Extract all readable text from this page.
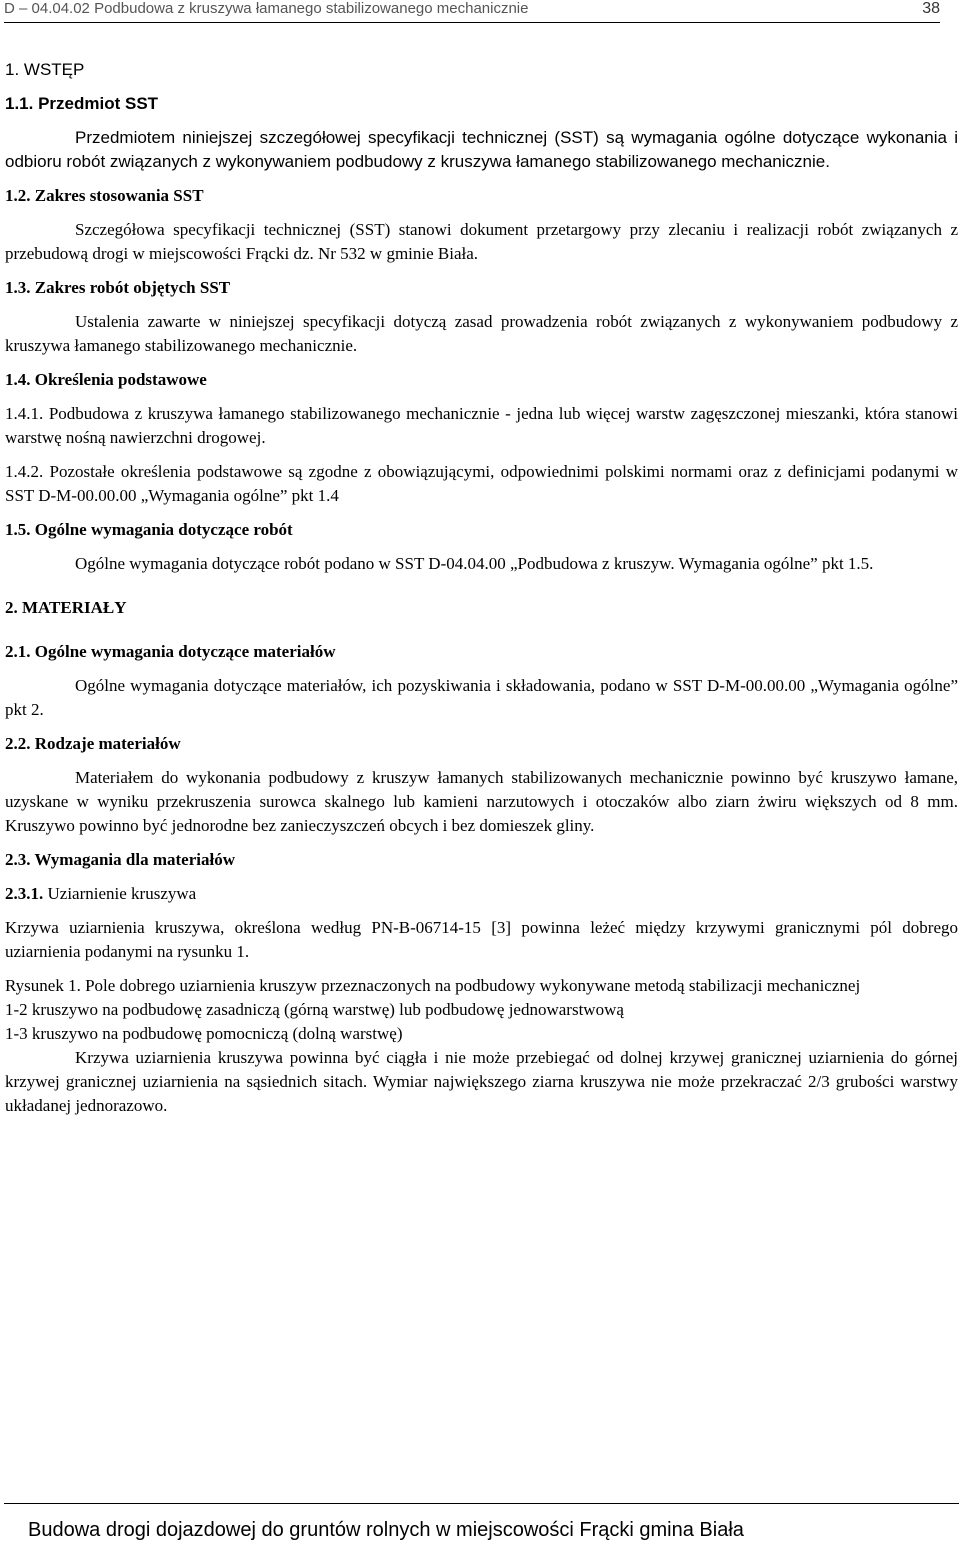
D – 04.04.02 Podbudowa z kruszywa łamanego stabilizowanego mechanicznie	38
1. WSTĘP
1.1. Przedmiot SST

Przedmiotem niniejszej szczegółowej specyfikacji technicznej (SST) są wymagania ogólne dotyczące wykonania i odbioru robót związanych z wykonywaniem podbudowy z kruszywa łamanego stabilizowanego mechanicznie.

1.2. Zakres stosowania SST

Szczegółowa specyfikacji technicznej (SST) stanowi dokument przetargowy przy zlecaniu i realizacji robót związanych z przebudową drogi w miejscowości Frącki dz. Nr 532 w gminie Biała.

1.3. Zakres robót objętych SST

Ustalenia zawarte w niniejszej specyfikacji dotyczą zasad prowadzenia robót związanych z wykonywaniem podbudowy z kruszywa łamanego stabilizowanego mechanicznie.

1.4. Określenia podstawowe

1.4.1. Podbudowa z kruszywa łamanego stabilizowanego mechanicznie - jedna lub więcej warstw zagęszczonej mieszanki, która stanowi warstwę nośną nawierzchni drogowej.

1.4.2. Pozostałe określenia podstawowe są zgodne z obowiązującymi, odpowiednimi polskimi normami oraz z definicjami podanymi w SST D-M-00.00.00 „Wymagania ogólne” pkt 1.4

1.5. Ogólne wymagania dotyczące robót

Ogólne wymagania dotyczące robót podano w SST D-04.04.00 „Podbudowa z kruszyw. Wymagania ogólne” pkt 1.5.

2. MATERIAŁY
2.1. Ogólne wymagania dotyczące materiałów

Ogólne wymagania dotyczące materiałów, ich pozyskiwania i składowania, podano w SST D-M-00.00.00 „Wymagania ogólne” pkt 2.

2.2. Rodzaje materiałów

Materiałem do wykonania podbudowy z kruszyw łamanych stabilizowanych mechanicznie powinno być kruszywo łamane, uzyskane w wyniku przekruszenia surowca skalnego lub kamieni narzutowych i otoczaków albo ziarn żwiru większych od 8 mm. Kruszywo powinno być jednorodne bez zanieczyszczeń obcych i bez domieszek gliny.

2.3. Wymagania dla materiałów
2.3.1. Uziarnienie kruszywa

Krzywa uziarnienia kruszywa, określona według PN-B-06714-15 [3] powinna leżeć między krzywymi granicznymi pól dobrego uziarnienia podanymi na rysunku 1.

Rysunek 1. Pole dobrego uziarnienia kruszyw przeznaczonych na podbudowy wykonywane metodą stabilizacji mechanicznej

1-2 kruszywo na podbudowę zasadniczą (górną warstwę) lub podbudowę jednowarstwową

1-3 kruszywo na podbudowę pomocniczą (dolną warstwę)

Krzywa uziarnienia kruszywa powinna być ciągła i nie może przebiegać od dolnej krzywej granicznej uziarnienia do górnej krzywej granicznej uziarnienia na sąsiednich sitach. Wymiar największego ziarna kruszywa nie może przekraczać 2/3 grubości warstwy układanej jednorazowo.

Budowa drogi dojazdowej do gruntów rolnych w miejscowości Frącki gmina Biała
